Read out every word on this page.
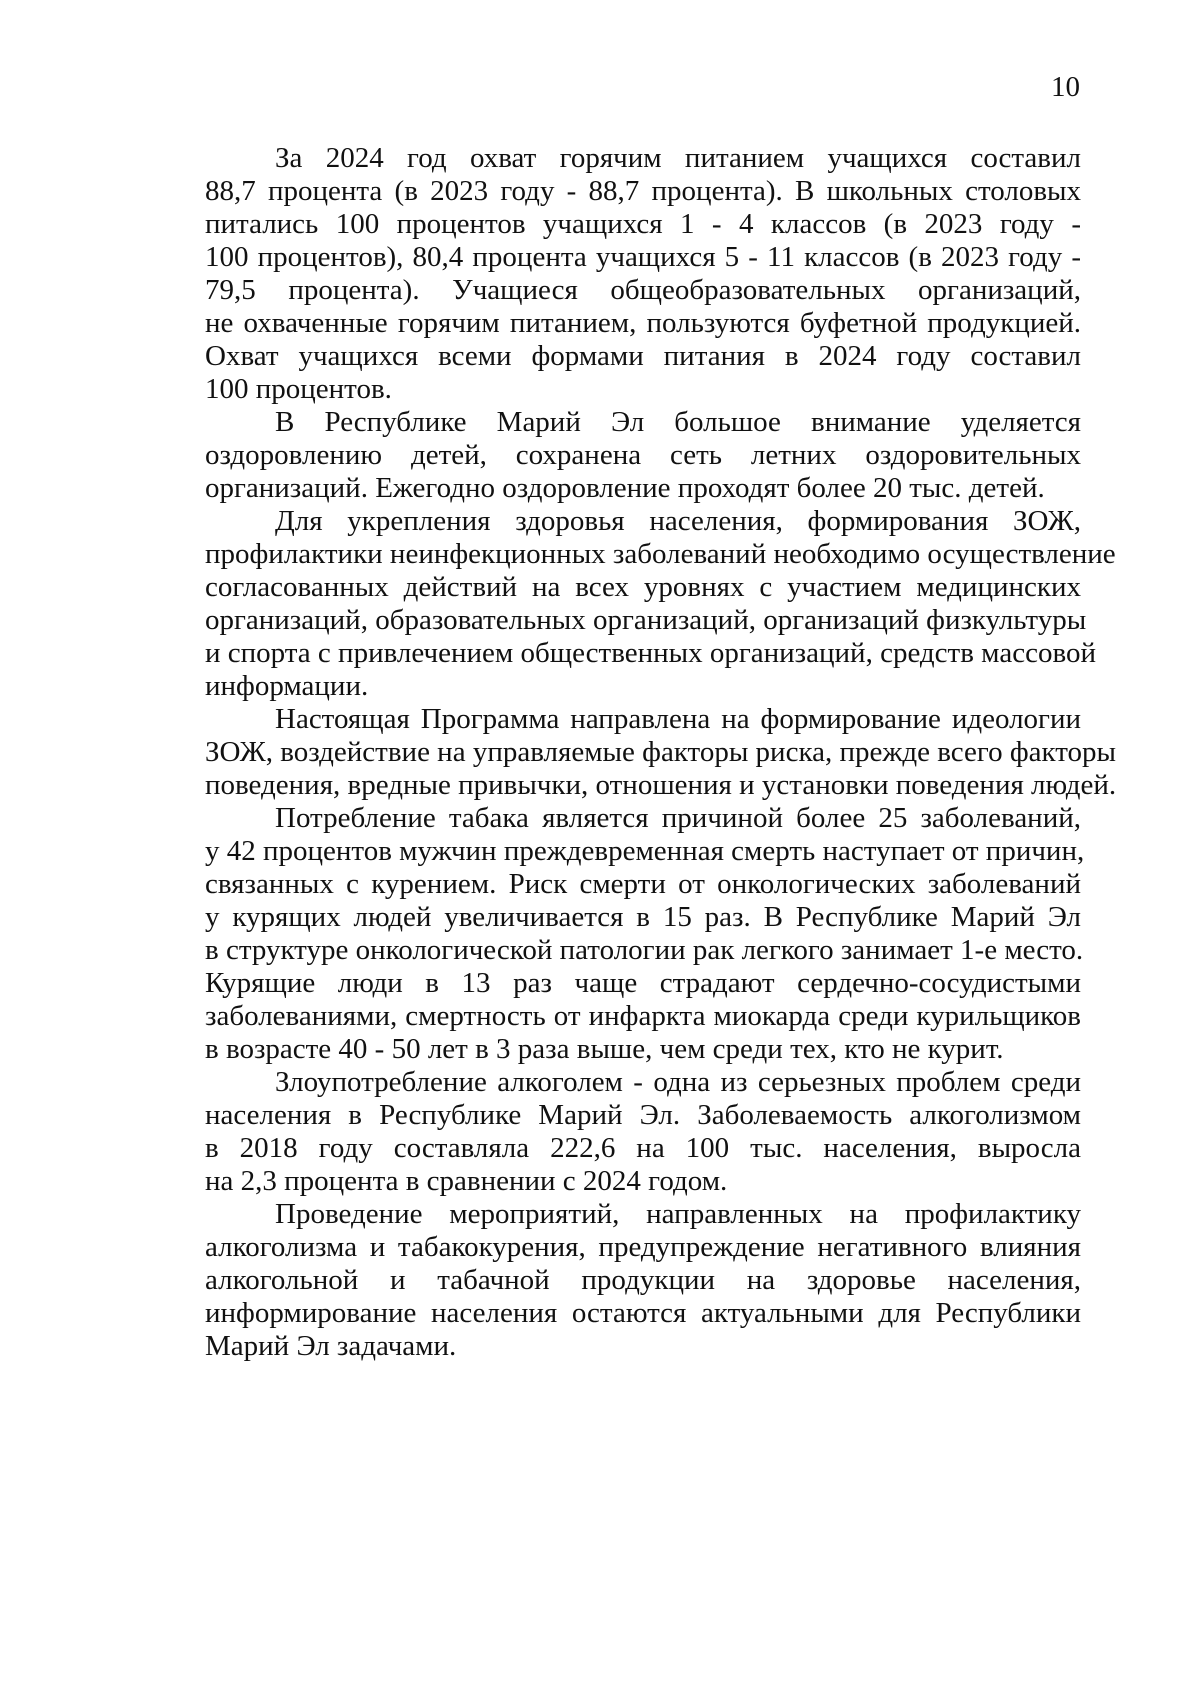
10

За 2024 год охват горячим питанием учащихся составил
88,7 процента (в 2023 году - 88,7 процента). В школьных столовых
питались 100 процентов учащихся 1 - 4 классов (в 2023 году -
100 процентов), 80,4 процента учащихся 5 - 11 классов (в 2023 году -
79,5 процента). Учащиеся общеобразовательных организаций,
не охваченные горячим питанием, пользуются буфетной продукцией.
Охват учащихся всеми формами питания в 2024 году составил
100 процентов.

В Республике Марий Эл большое внимание уделяется
оздоровлению детей, сохранена сеть летних оздоровительных
организаций. Ежегодно оздоровление проходят более 20 тыс. детей.

Для укрепления здоровья населения, формирования ЗОЖ,
профилактики неинфекционных заболеваний необходимо осуществление
согласованных действий на всех уровнях с участием медицинских
организаций, образовательных организаций, организаций физкультуры
и спорта с привлечением общественных организаций, средств массовой
информации.

Настоящая Программа направлена на формирование идеологии
ЗОЖ, воздействие на управляемые факторы риска, прежде всего факторы
поведения, вредные привычки, отношения и установки поведения людей.

Потребление табака является причиной более 25 заболеваний,
у 42 процентов мужчин преждевременная смерть наступает от причин,
связанных с курением. Риск смерти от онкологических заболеваний
у курящих людей увеличивается в 15 раз. В Республике Марий Эл
в структуре онкологической патологии рак легкого занимает 1-е место.
Курящие люди в 13 раз чаще страдают сердечно-сосудистыми
заболеваниями, смертность от инфаркта миокарда среди курильщиков
в возрасте 40 - 50 лет в 3 раза выше, чем среди тех, кто не курит.

Злоупотребление алкоголем - одна из серьезных проблем среди
населения в Республике Марий Эл. Заболеваемость алкоголизмом
в 2018 году составляла 222,6 на 100 тыс. населения, выросла
на 2,3 процента в сравнении с 2024 годом.

Проведение мероприятий, направленных на профилактику
алкоголизма и табакокурения, предупреждение негативного влияния
алкогольной и табачной продукции на здоровье населения,
информирование населения остаются актуальными для Республики
Марий Эл задачами.
